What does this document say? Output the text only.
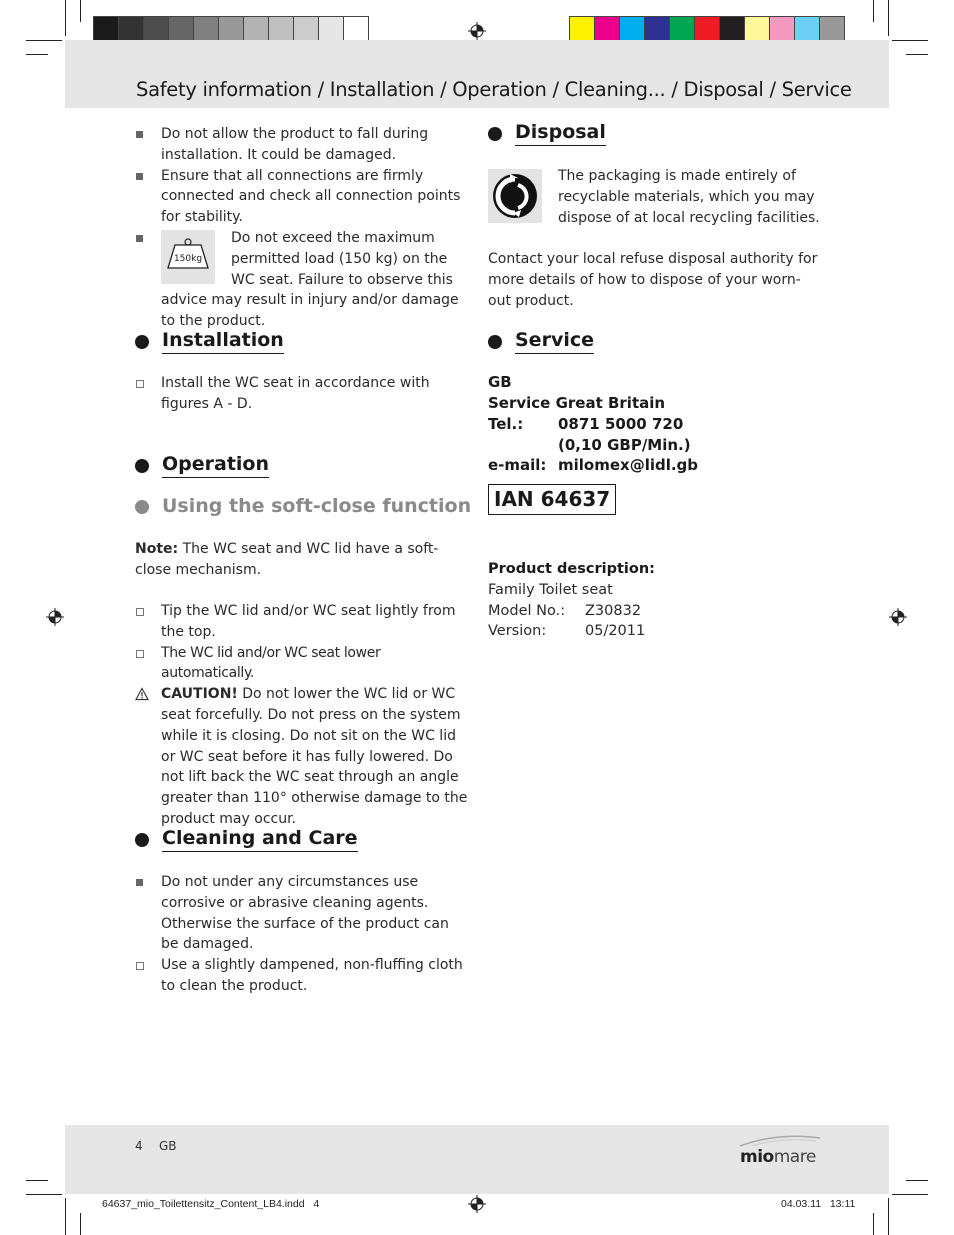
Safety information / Installation / Operation / Cleaning... / Disposal / Service
Do not allow the product to fall during installation. It could be damaged.
Ensure that all connections are firmly connected and check all connection points for stability.
150kg
Do not exceed the maximum permitted load (150 kg) on the WC seat. Failure to observe this advice may result in injury and/or damage to the product.
Installation
Install the WC seat in accordance with figures A - D.
Operation
Using the soft-close function
Note: The WC seat and WC lid have a soft-close mechanism.
Tip the WC lid and/or WC seat lightly from the top.
The WC lid and/or WC seat lower automatically.
CAUTION! Do not lower the WC lid or WC seat forcefully. Do not press on the system while it is closing. Do not sit on the WC lid or WC seat before it has fully lowered. Do not lift back the WC seat through an angle greater than 110° otherwise damage to the product may occur.
Cleaning and Care
Do not under any circumstances use corrosive or abrasive cleaning agents. Otherwise the surface of the product can be damaged.
Use a slightly dampened, non-fluffing cloth to clean the product.
Disposal
The packaging is made entirely of recyclable materials, which you may dispose of at local recycling facilities.
Contact your local refuse disposal authority for more details of how to dispose of your worn-out product.
Service
GB
Service Great Britain
Tel.: 0871 5000 720
(0,10 GBP/Min.)
e-mail: milomex@lidl.gb
IAN 64637
Product description:
Family Toilet seat
Model No.: Z30832
Version:	05/2011
4 GB
miomare
64637_mio_Toilettensitz_Content_LB4.indd   4	04.03.11   13:11
